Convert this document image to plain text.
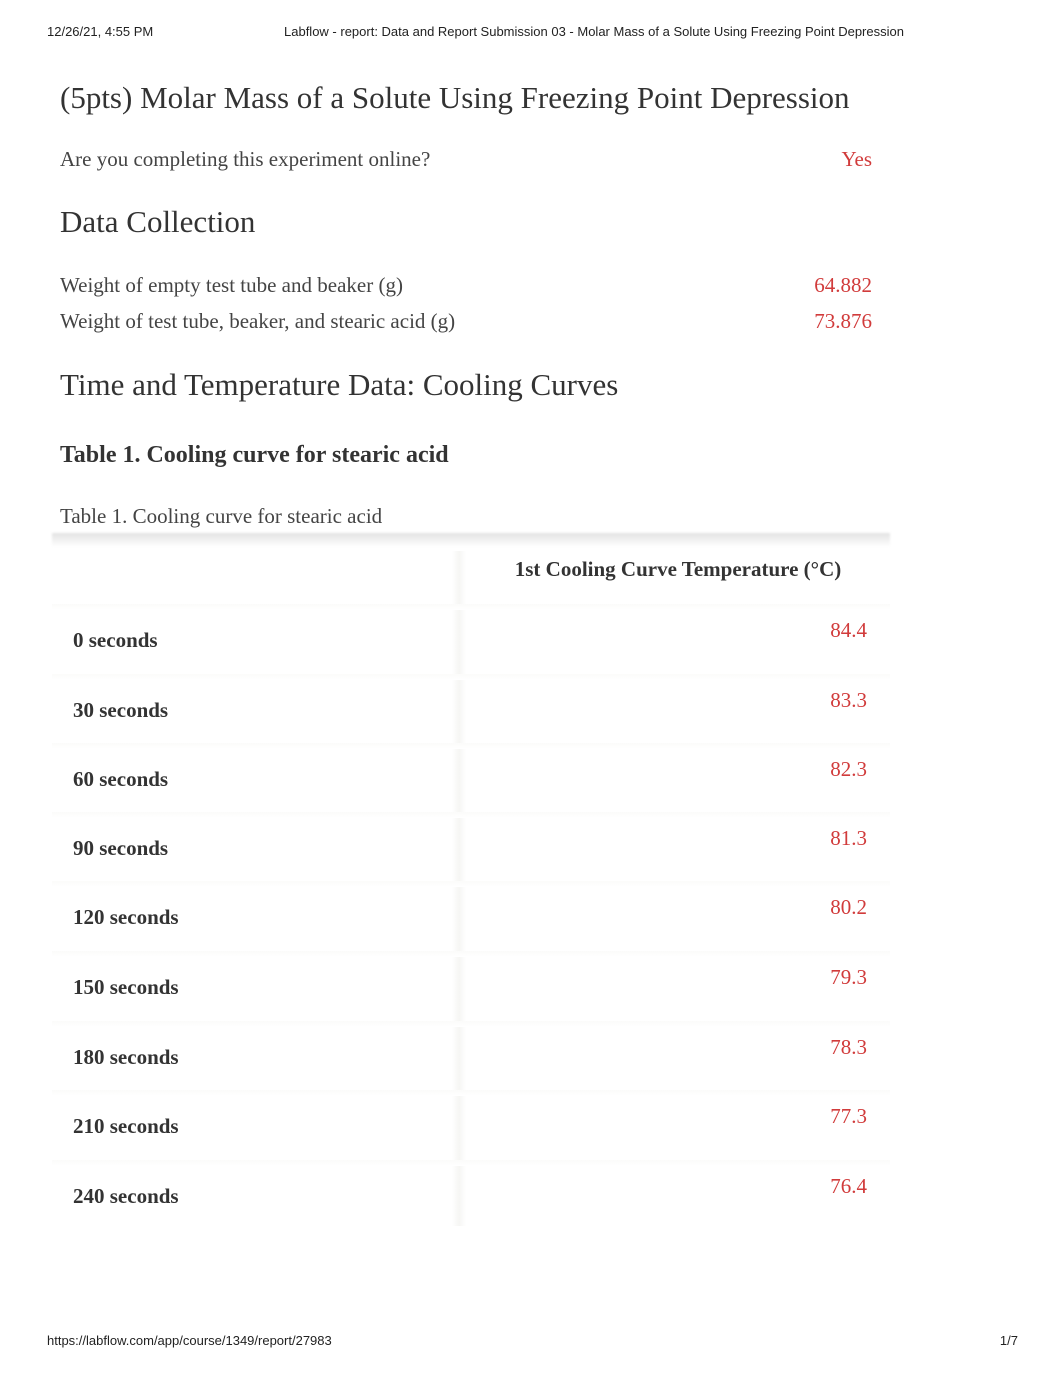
12/26/21, 4:55 PM	Labflow - report: Data and Report Submission 03 - Molar Mass of a Solute Using Freezing Point Depression
(5pts) Molar Mass of a Solute Using Freezing Point Depression
Are you completing this experiment online?	Yes
Data Collection
Weight of empty test tube and beaker (g)	64.882
Weight of test tube, beaker, and stearic acid (g)	73.876
Time and Temperature Data: Cooling Curves
Table 1. Cooling curve for stearic acid
Table 1. Cooling curve for stearic acid
1st Cooling Curve Temperature (°C)
0 seconds	84.4
30 seconds	83.3
60 seconds	82.3
90 seconds	81.3
120 seconds	80.2
150 seconds	79.3
180 seconds	78.3
210 seconds	77.3
240 seconds	76.4
https://labflow.com/app/course/1349/report/27983	1/7
